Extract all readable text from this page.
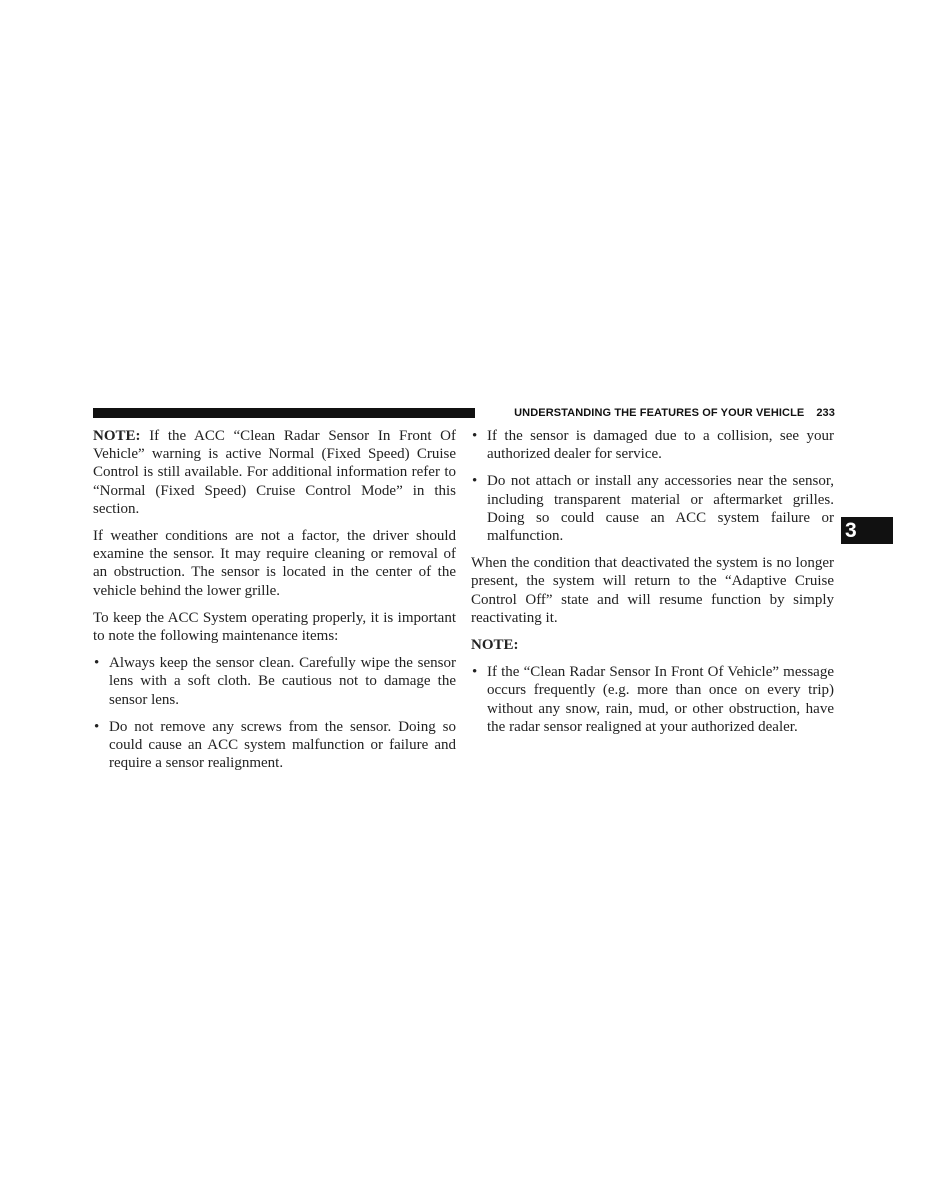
UNDERSTANDING THE FEATURES OF YOUR VEHICLE 233
3

NOTE: If the ACC “Clean Radar Sensor In Front Of Vehicle” warning is active Normal (Fixed Speed) Cruise Control is still available. For additional information refer to “Normal (Fixed Speed) Cruise Control Mode” in this section.

If weather conditions are not a factor, the driver should examine the sensor. It may require cleaning or removal of an obstruction. The sensor is located in the center of the vehicle behind the lower grille.

To keep the ACC System operating properly, it is important to note the following maintenance items:

• Always keep the sensor clean. Carefully wipe the sensor lens with a soft cloth. Be cautious not to damage the sensor lens.
• Do not remove any screws from the sensor. Doing so could cause an ACC system malfunction or failure and require a sensor realignment.
• If the sensor is damaged due to a collision, see your authorized dealer for service.
• Do not attach or install any accessories near the sensor, including transparent material or aftermarket grilles. Doing so could cause an ACC system failure or malfunction.

When the condition that deactivated the system is no longer present, the system will return to the “Adaptive Cruise Control Off” state and will resume function by simply reactivating it.

NOTE:

• If the “Clean Radar Sensor In Front Of Vehicle” message occurs frequently (e.g. more than once on every trip) without any snow, rain, mud, or other obstruction, have the radar sensor realigned at your authorized dealer.
